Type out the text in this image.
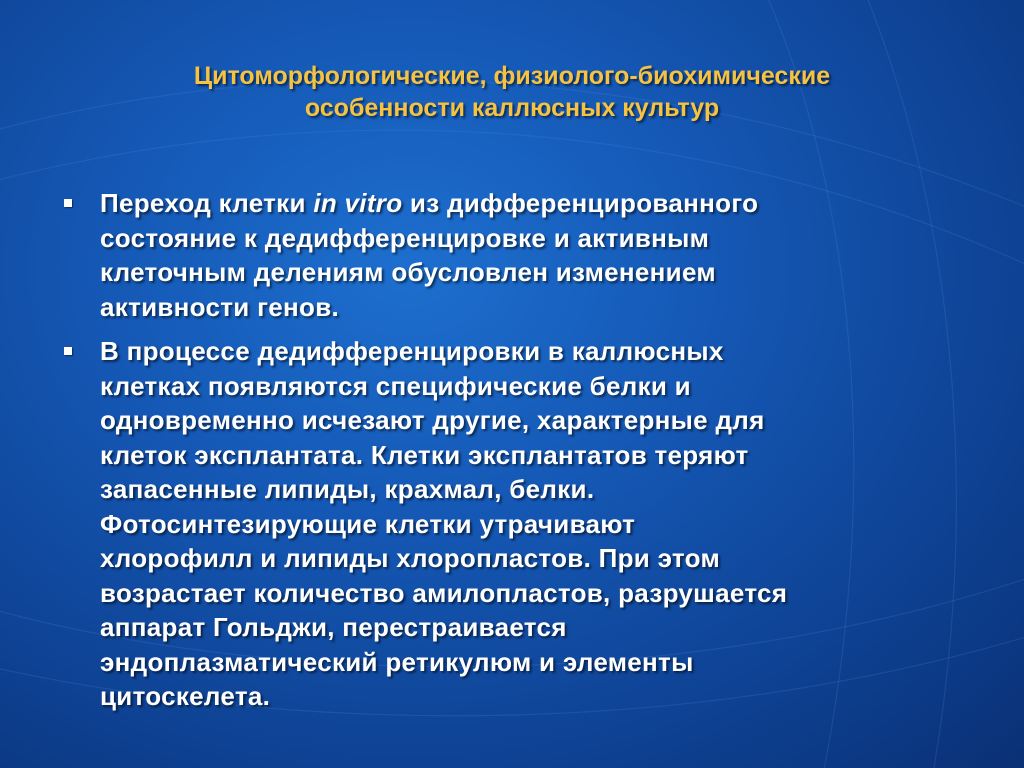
Цитоморфологические, физиолого-биохимические
особенности каллюсных культур
Переход клетки in vitro из дифференцированного
состояние к дедифференцировке и активным
клеточным делениям обусловлен изменением
активности генов.
В процессе дедифференцировки в каллюсных
клетках появляются специфические белки и
одновременно исчезают другие, характерные для
клеток эксплантата. Клетки эксплантатов теряют
запасенные липиды, крахмал, белки.
Фотосинтезирующие клетки утрачивают
хлорофилл и липиды хлоропластов. При этом
возрастает количество амилопластов, разрушается
аппарат Гольджи, перестраивается
эндоплазматический ретикулюм и элементы
цитоскелета.
